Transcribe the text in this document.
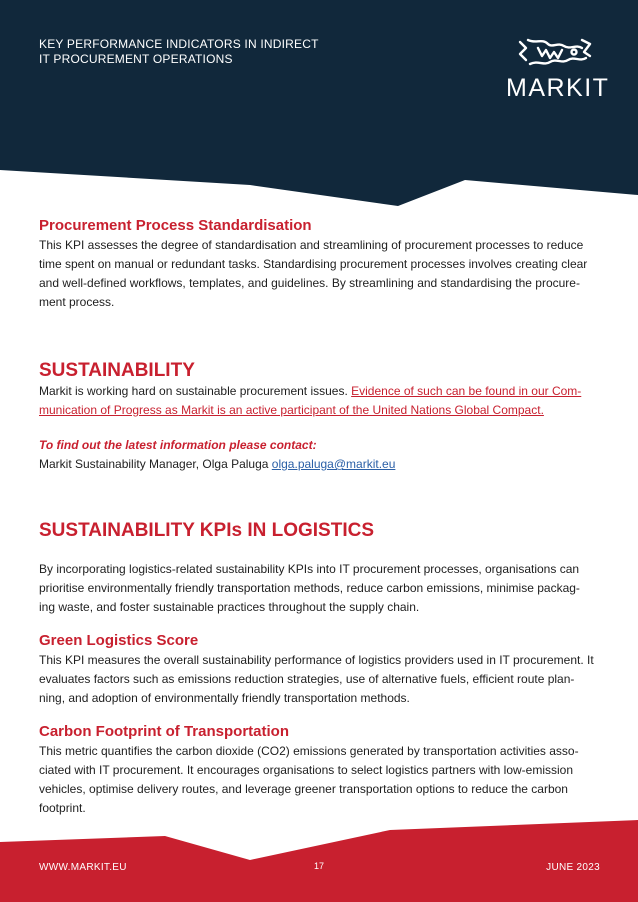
KEY PERFORMANCE INDICATORS IN INDIRECT
IT PROCUREMENT OPERATIONS
MARKIT
Procurement Process Standardisation
This KPI assesses the degree of standardisation and streamlining of procurement processes to reduce
time spent on manual or redundant tasks. Standardising procurement processes involves creating clear
and well-defined workflows, templates, and guidelines. By streamlining and standardising the procure-
ment process.
SUSTAINABILITY
Markit is working hard on sustainable procurement issues. Evidence of such can be found in our Com-
munication of Progress as Markit is an active participant of the United Nations Global Compact.
To find out the latest information please contact:
Markit Sustainability Manager, Olga Paluga olga.paluga@markit.eu
SUSTAINABILITY KPIs IN LOGISTICS
By incorporating logistics-related sustainability KPIs into IT procurement processes, organisations can
prioritise environmentally friendly transportation methods, reduce carbon emissions, minimise packag-
ing waste, and foster sustainable practices throughout the supply chain.
Green Logistics Score
This KPI measures the overall sustainability performance of logistics providers used in IT procurement. It
evaluates factors such as emissions reduction strategies, use of alternative fuels, efficient route plan-
ning, and adoption of environmentally friendly transportation methods.
Carbon Footprint of Transportation
This metric quantifies the carbon dioxide (CO2) emissions generated by transportation activities asso-
ciated with IT procurement. It encourages organisations to select logistics partners with low-emission
vehicles, optimise delivery routes, and leverage greener transportation options to reduce the carbon
footprint.
WWW.MARKIT.EU	17	JUNE 2023
